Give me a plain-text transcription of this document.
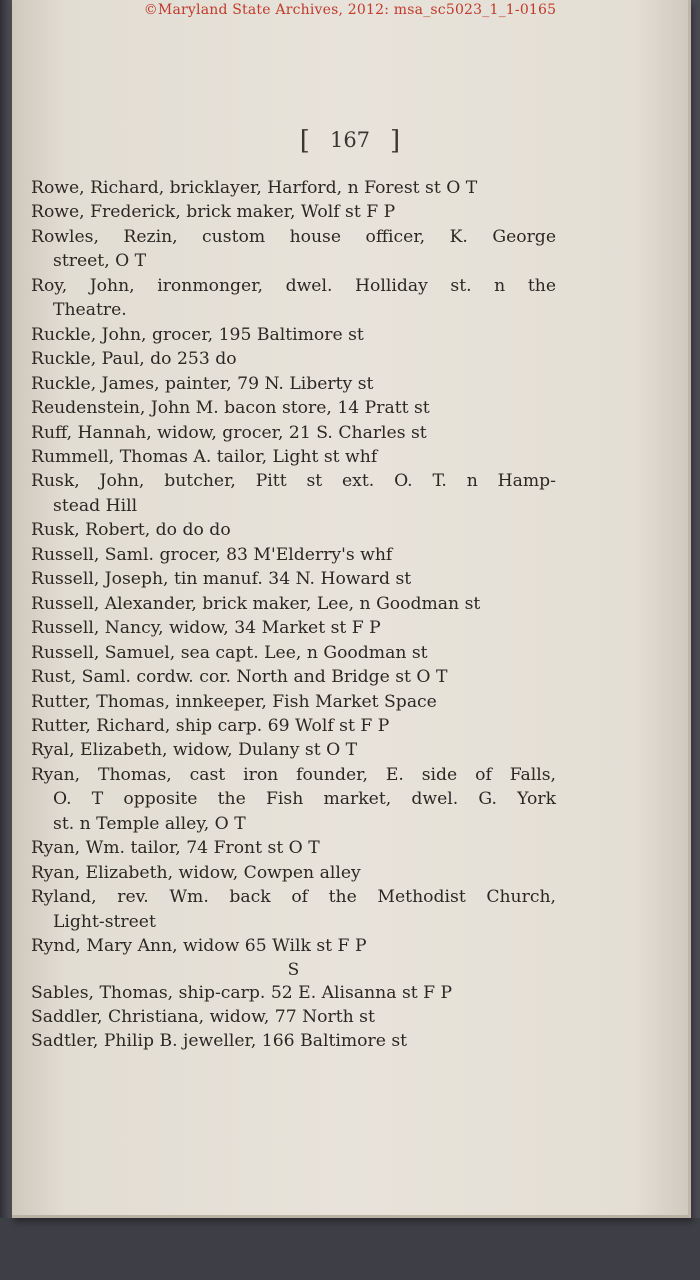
©Maryland State Archives, 2012: msa_sc5023_1_1-0165
[ 167 ]
Rowe, Richard, bricklayer, Harford, n Forest st O T
Rowe, Frederick, brick maker, Wolf st F P
Rowles, Rezin, custom house officer, K. George
street, O T
Roy, John, ironmonger, dwel. Holliday st. n the
Theatre.
Ruckle, John, grocer, 195 Baltimore st
Ruckle, Paul, do 253 do
Ruckle, James, painter, 79 N. Liberty st
Reudenstein, John M. bacon store, 14 Pratt st
Ruff, Hannah, widow, grocer, 21 S. Charles st
Rummell, Thomas A. tailor, Light st whf
Rusk, John, butcher, Pitt st ext. O. T. n Hamp-
stead Hill
Rusk, Robert, do do do
Russell, Saml. grocer, 83 M'Elderry's whf
Russell, Joseph, tin manuf. 34 N. Howard st
Russell, Alexander, brick maker, Lee, n Goodman st
Russell, Nancy, widow, 34 Market st F P
Russell, Samuel, sea capt. Lee, n Goodman st
Rust, Saml. cordw. cor. North and Bridge st O T
Rutter, Thomas, innkeeper, Fish Market Space
Rutter, Richard, ship carp. 69 Wolf st F P
Ryal, Elizabeth, widow, Dulany st O T
Ryan, Thomas, cast iron founder, E. side of Falls,
O. T opposite the Fish market, dwel. G. York
st. n Temple alley, O T
Ryan, Wm. tailor, 74 Front st O T
Ryan, Elizabeth, widow, Cowpen alley
Ryland, rev. Wm. back of the Methodist Church,
Light-street
Rynd, Mary Ann, widow 65 Wilk st F P
S
Sables, Thomas, ship-carp. 52 E. Alisanna st F P
Saddler, Christiana, widow, 77 North st
Sadtler, Philip B. jeweller, 166 Baltimore st
